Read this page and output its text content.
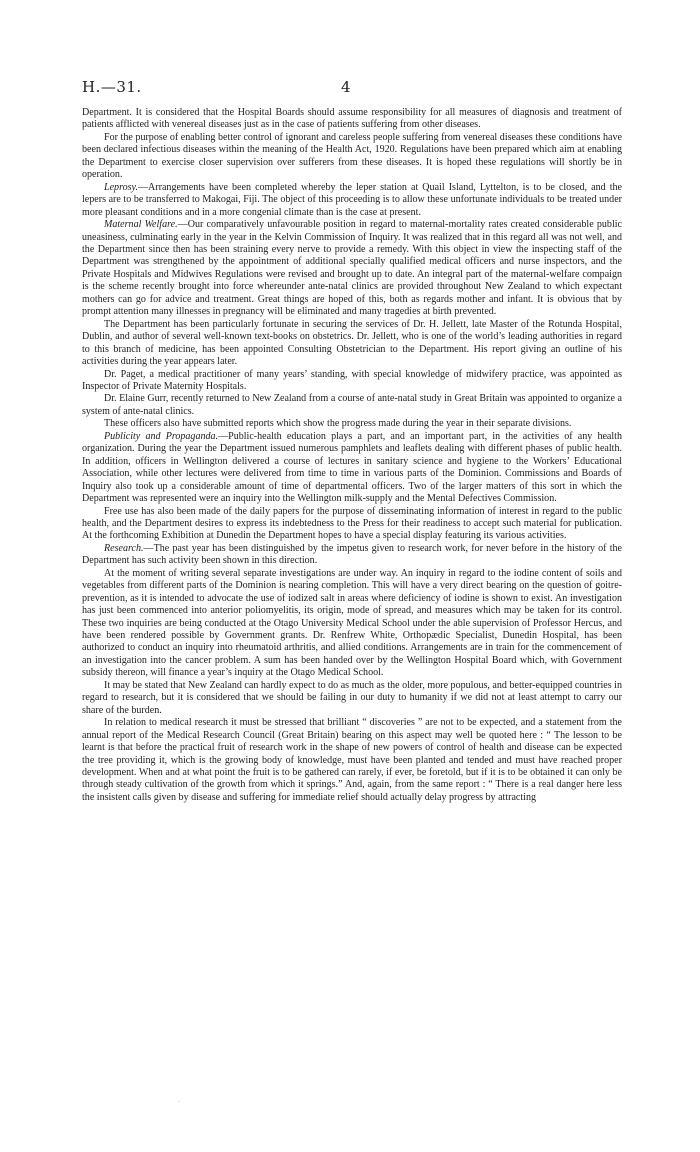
H.—31.	4

Department. It is considered that the Hospital Boards should assume responsibility for all measures of diagnosis and treatment of patients afflicted with venereal diseases just as in the case of patients suffering from other diseases.

For the purpose of enabling better control of ignorant and careless people suffering from venereal diseases these conditions have been declared infectious diseases within the meaning of the Health Act, 1920. Regulations have been prepared which aim at enabling the Department to exercise closer supervision over sufferers from these diseases. It is hoped these regulations will shortly be in operation.

Leprosy.—Arrangements have been completed whereby the leper station at Quail Island, Lyttelton, is to be closed, and the lepers are to be transferred to Makogai, Fiji. The object of this proceeding is to allow these unfortunate individuals to be treated under more pleasant conditions and in a more congenial climate than is the case at present.

Maternal Welfare.—Our comparatively unfavourable position in regard to maternal-mortality rates created considerable public uneasiness, culminating early in the year in the Kelvin Commission of Inquiry. It was realized that in this regard all was not well, and the Department since then has been straining every nerve to provide a remedy. With this object in view the inspecting staff of the Department was strengthened by the appointment of additional specially qualified medical officers and nurse inspectors, and the Private Hospitals and Midwives Regulations were revised and brought up to date. An integral part of the maternal-welfare compaign is the scheme recently brought into force whereunder ante-natal clinics are provided throughout New Zealand to which expectant mothers can go for advice and treatment. Great things are hoped of this, both as regards mother and infant. It is obvious that by prompt attention many illnesses in pregnancy will be eliminated and many tragedies at birth prevented.

The Department has been particularly fortunate in securing the services of Dr. H. Jellett, late Master of the Rotunda Hospital, Dublin, and author of several well-known text-books on obstetrics. Dr. Jellett, who is one of the world’s leading authorities in regard to this branch of medicine, has been appointed Consulting Obstetrician to the Department. His report giving an outline of his activities during the year appears later.

Dr. Paget, a medical practitioner of many years’ standing, with special knowledge of midwifery practice, was appointed as Inspector of Private Maternity Hospitals.

Dr. Elaine Gurr, recently returned to New Zealand from a course of ante-natal study in Great Britain was appointed to organize a system of ante-natal clinics.

These officers also have submitted reports which show the progress made during the year in their separate divisions.

Publicity and Propaganda.—Public-health education plays a part, and an important part, in the activities of any health organization. During the year the Department issued numerous pamphlets and leaflets dealing with different phases of public health. In addition, officers in Wellington delivered a course of lectures in sanitary science and hygiene to the Workers’ Educational Association, while other lectures were delivered from time to time in various parts of the Dominion. Commissions and Boards of Inquiry also took up a considerable amount of time of departmental officers. Two of the larger matters of this sort in which the Department was represented were an inquiry into the Wellington milk-supply and the Mental Defectives Commission.

Free use has also been made of the daily papers for the purpose of disseminating information of interest in regard to the public health, and the Department desires to express its indebtedness to the Press for their readiness to accept such material for publication. At the forthcoming Exhibition at Dunedin the Department hopes to have a special display featuring its various activities.

Research.—The past year has been distinguished by the impetus given to research work, for never before in the history of the Department has such activity been shown in this direction.

At the moment of writing several separate investigations are under way. An inquiry in regard to the iodine content of soils and vegetables from different parts of the Dominion is nearing completion. This will have a very direct bearing on the question of goitre-prevention, as it is intended to advocate the use of iodized salt in areas where deficiency of iodine is shown to exist. An investigation has just been commenced into anterior poliomyelitis, its origin, mode of spread, and measures which may be taken for its control. These two inquiries are being conducted at the Otago University Medical School under the able supervision of Professor Hercus, and have been rendered possible by Government grants. Dr. Renfrew White, Orthopædic Specialist, Dunedin Hospital, has been authorized to conduct an inquiry into rheumatoid arthritis, and allied conditions. Arrangements are in train for the commencement of an investigation into the cancer problem. A sum has been handed over by the Wellington Hospital Board which, with Government subsidy thereon, will finance a year’s inquiry at the Otago Medical School.

It may be stated that New Zealand can hardly expect to do as much as the older, more populous, and better-equipped countries in regard to research, but it is considered that we should be failing in our duty to humanity if we did not at least attempt to carry our share of the burden.

In relation to medical research it must be stressed that brilliant “ discoveries ” are not to be expected, and a statement from the annual report of the Medical Research Council (Great Britain) bearing on this aspect may well be quoted here : “ The lesson to be learnt is that before the practical fruit of research work in the shape of new powers of control of health and disease can be expected the tree providing it, which is the growing body of knowledge, must have been planted and tended and must have reached proper development. When and at what point the fruit is to be gathered can rarely, if ever, be foretold, but if it is to be obtained it can only be through steady cultivation of the growth from which it springs.” And, again, from the same report : “ There is a real danger here less the insistent calls given by disease and suffering for immediate relief should actually delay progress by attracting

·
